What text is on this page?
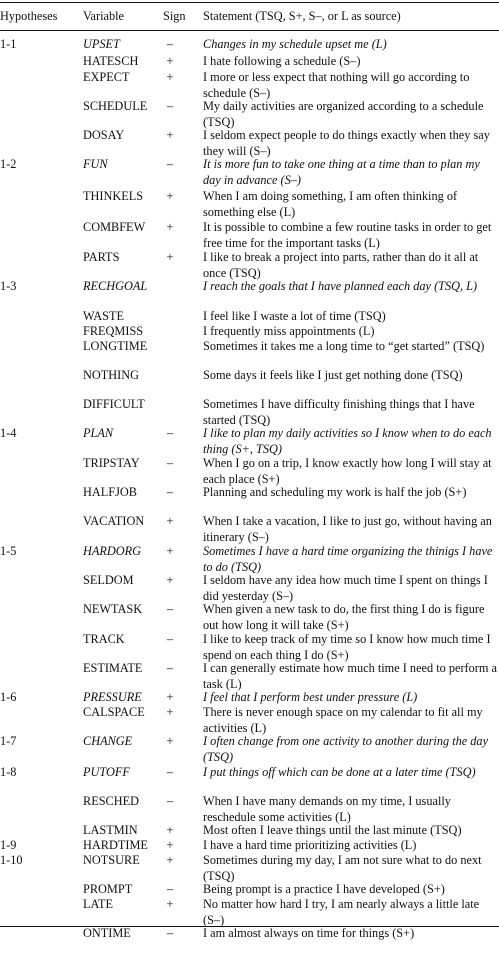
Hypotheses Variable	Sign Statement (TSQ, S+, S–, or L as source)
1-1	UPSET	–	Changes in my schedule upset me (L)
HATESCH + I hate following a schedule (S–)
EXPECT	+ I more or less expect that nothing will go according to schedule (S–)
SCHEDULE	–	My daily activities are organized according to a schedule (TSQ)
DOSAY	+ I seldom expect people to do things exactly when they say they will (S–)
1-2	FUN	–	It is more fun to take one thing at a time than to plan my day in advance (S–)
THINKELS + When I am doing something, I am often thinking of something else (L)
COMBFEW + It is possible to combine a few routine tasks in order to get free time for the important tasks (L)
PARTS	+ I like to break a project into parts, rather than do it all at once (TSQ)
1-3	RECHGOAL	I reach the goals that I have planned each day (TSQ, L)
WASTE	I feel like I waste a lot of time (TSQ)
FREQMISS	I frequently miss appointments (L)
LONGTIME	Sometimes it takes me a long time to “get started” (TSQ)
NOTHING	Some days it feels like I just get nothing done (TSQ)
DIFFICULT	Sometimes I have difficulty finishing things that I have started (TSQ)
1-4	PLAN	–	I like to plan my daily activities so I know when to do each thing (S+, TSQ)
TRIPSTAY	–	When I go on a trip, I know exactly how long I will stay at each place (S+)
HALFJOB	–	Planning and scheduling my work is half the job (S+)
VACATION + When I take a vacation, I like to just go, without having an itinerary (S–)
1-5	HARDORG + Sometimes I have a hard time organizing the thinigs I have to do (TSQ)
SELDOM	+ I seldom have any idea how much time I spent on things I did yesterday (S–)
NEWTASK	–	When given a new task to do, the first thing I do is figure out how long it will take (S+)
TRACK	–	I like to keep track of my time so I know how much time I spend on each thing I do (S+)
ESTIMATE	–	I can generally estimate how much time I need to perform a task (L)
1-6	PRESSURE + I feel that I perform best under pressure (L)
CALSPACE + There is never enough space on my calendar to fit all my activities (L)
1-7	CHANGE	+ I often change from one activity to another during the day (TSQ)
1-8	PUTOFF	–	I put things off which can be done at a later time (TSQ)
RESCHED	–	When I have many demands on my time, I usually reschedule some activities (L)
LASTMIN + Most often I leave things until the last minute (TSQ)
1-9	HARDTIME + I have a hard time prioritizing activities (L)
1-10	NOTSURE + Sometimes during my day, I am not sure what to do next (TSQ)
PROMPT	–	Being prompt is a practice I have developed (S+)
LATE	+ No matter how hard I try, I am nearly always a little late (S–)
ONTIME	–	I am almost always on time for things (S+)
